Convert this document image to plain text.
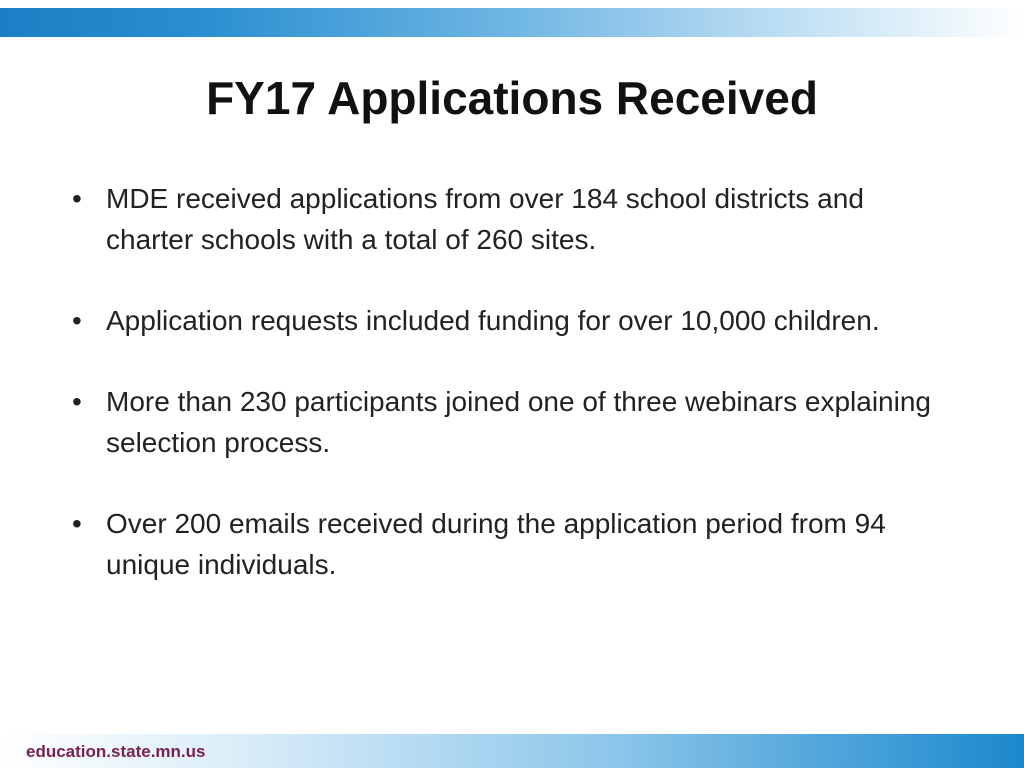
FY17 Applications Received
• MDE received applications from over 184 school districts and charter schools with a total of 260 sites.
• Application requests included funding for over 10,000 children.
• More than 230 participants joined one of three webinars explaining selection process.
• Over 200 emails received during the application period from 94 unique individuals.
education.state.mn.us
